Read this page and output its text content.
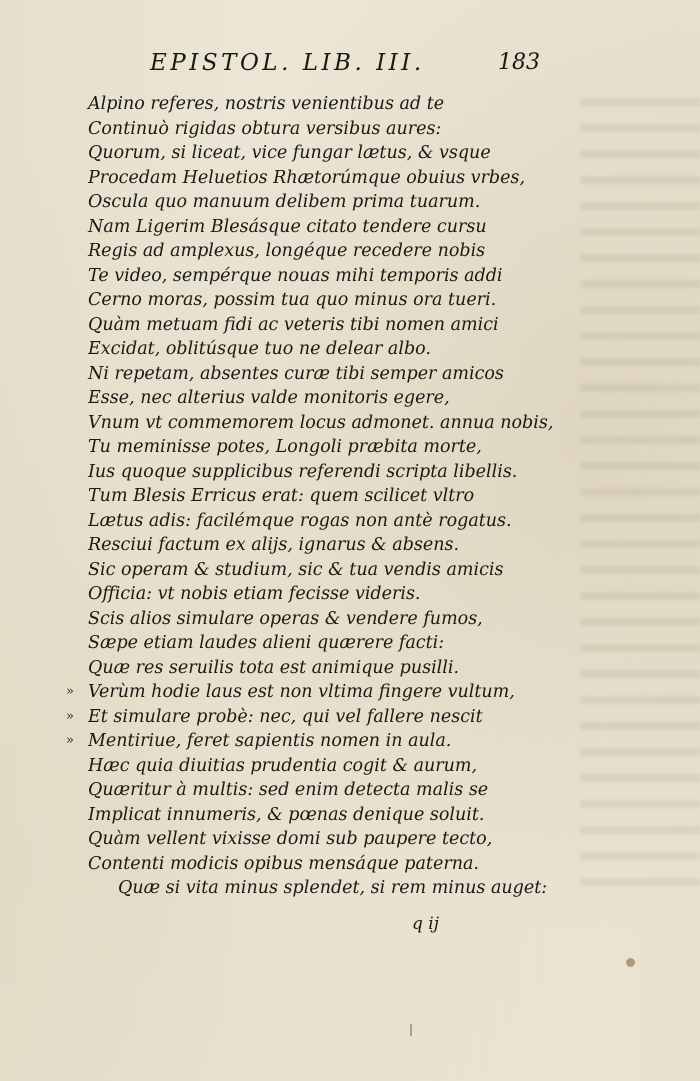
EPISTOL. LIB. III.	183
Alpino referes, nostris venientibus ad te
Continuò rigidas obtura versibus aures:
Quorum, si liceat, vice fungar lætus, & vsque
Procedam Heluetios Rhætorúmque obuius vrbes,
Oscula quo manuum delibem prima tuarum.
Nam Ligerim Blesásque citato tendere cursu
Regis ad amplexus, longéque recedere nobis
Te video, sempérque nouas mihi temporis addi
Cerno moras, possim tua quo minus ora tueri.
Quàm metuam fidi ac veteris tibi nomen amici
Excidat, oblitúsque tuo ne delear albo.
Ni repetam, absentes curæ tibi semper amicos
Esse, nec alterius valde monitoris egere,
Vnum vt commemorem locus admonet. annua nobis,
Tu meminisse potes, Longoli præbita morte,
Ius quoque supplicibus referendi scripta libellis.
Tum Blesis Erricus erat: quem scilicet vltro
Lætus adis: facilémque rogas non antè rogatus.
Resciui factum ex aliјs, ignarus & absens.
Sic operam & studium, sic & tua vendis amicis
Officia: vt nobis etiam fecisse videris.
Scis alios simulare operas & vendere fumos,
Sæpe etiam laudes alieni quærere facti:
Quæ res seruilis tota est animique pusilli.
» Verùm hodie laus est non vltima fingere vultum,
» Et simulare probè: nec, qui vel fallere nescit
» Mentiriue, feret sapientis nomen in aula.
Hæc quia diuitias prudentia cogit & aurum,
Quæritur à multis: sed enim detecta malis se
Implicat innumeris, & pœnas denique soluit.
Quàm vellent vixisse domi sub paupere tecto,
Contenti modicis opibus mensáque paterna.
Quæ si vita minus splendet, si rem minus auget:
q ij
